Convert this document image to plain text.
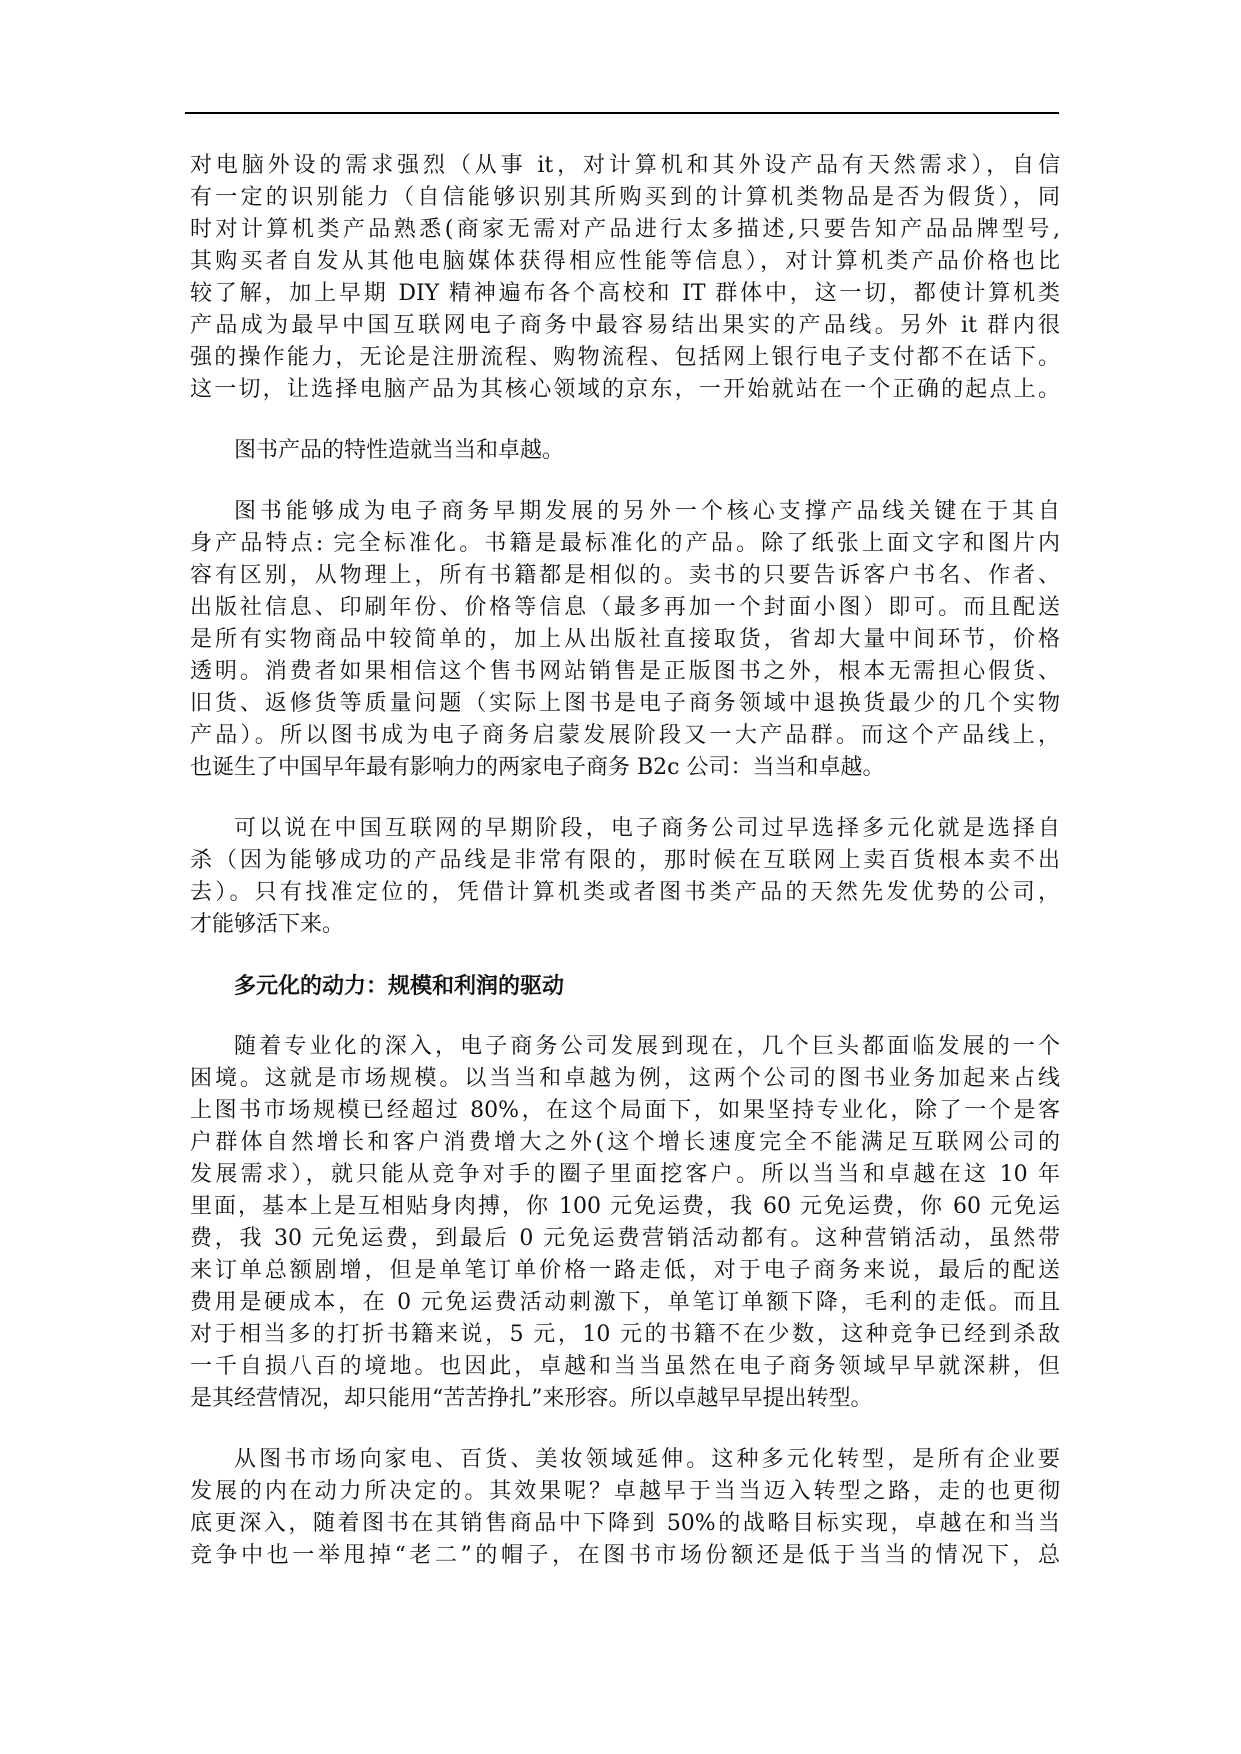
对电脑外设的需求强烈（从事 it，对计算机和其外设产品有天然需求），自信
有一定的识别能力（自信能够识别其所购买到的计算机类物品是否为假货），同
时对计算机类产品熟悉(商家无需对产品进行太多描述,只要告知产品品牌型号,
其购买者自发从其他电脑媒体获得相应性能等信息），对计算机类产品价格也比
较了解，加上早期 DIY 精神遍布各个高校和 IT 群体中，这一切，都使计算机类
产品成为最早中国互联网电子商务中最容易结出果实的产品线。另外 it 群内很
强的操作能力，无论是注册流程、购物流程、包括网上银行电子支付都不在话下。
这一切，让选择电脑产品为其核心领域的京东，一开始就站在一个正确的起点上。
图书产品的特性造就当当和卓越。
图书能够成为电子商务早期发展的另外一个核心支撑产品线关键在于其自
身产品特点: 完全标准化。书籍是最标准化的产品。除了纸张上面文字和图片内
容有区别，从物理上，所有书籍都是相似的。卖书的只要告诉客户书名、作者、
出版社信息、印刷年份、价格等信息（最多再加一个封面小图）即可。而且配送
是所有实物商品中较简单的，加上从出版社直接取货，省却大量中间环节，价格
透明。消费者如果相信这个售书网站销售是正版图书之外，根本无需担心假货、
旧货、返修货等质量问题（实际上图书是电子商务领域中退换货最少的几个实物
产品）。所以图书成为电子商务启蒙发展阶段又一大产品群。而这个产品线上，
也诞生了中国早年最有影响力的两家电子商务 B2c 公司：当当和卓越。
可以说在中国互联网的早期阶段，电子商务公司过早选择多元化就是选择自
杀（因为能够成功的产品线是非常有限的，那时候在互联网上卖百货根本卖不出
去）。只有找准定位的，凭借计算机类或者图书类产品的天然先发优势的公司，
才能够活下来。

多元化的动力：规模和利润的驱动

随着专业化的深入，电子商务公司发展到现在，几个巨头都面临发展的一个
困境。这就是市场规模。以当当和卓越为例，这两个公司的图书业务加起来占线
上图书市场规模已经超过 80%，在这个局面下，如果坚持专业化，除了一个是客
户群体自然增长和客户消费增大之外(这个增长速度完全不能满足互联网公司的
发展需求），就只能从竞争对手的圈子里面挖客户。所以当当和卓越在这 10 年
里面，基本上是互相贴身肉搏，你 100 元免运费，我 60 元免运费，你 60 元免运
费，我 30 元免运费，到最后 0 元免运费营销活动都有。这种营销活动，虽然带
来订单总额剧增，但是单笔订单价格一路走低，对于电子商务来说，最后的配送
费用是硬成本，在 0 元免运费活动刺激下，单笔订单额下降，毛利的走低。而且
对于相当多的打折书籍来说，5 元，10 元的书籍不在少数，这种竞争已经到杀敌
一千自损八百的境地。也因此，卓越和当当虽然在电子商务领域早早就深耕，但
是其经营情况，却只能用“苦苦挣扎”来形容。所以卓越早早提出转型。
从图书市场向家电、百货、美妆领域延伸。这种多元化转型，是所有企业要
发展的内在动力所决定的。其效果呢？卓越早于当当迈入转型之路，走的也更彻
底更深入，随着图书在其销售商品中下降到 50%的战略目标实现，卓越在和当当
竞争中也一举甩掉“老二”的帽子，在图书市场份额还是低于当当的情况下，总
